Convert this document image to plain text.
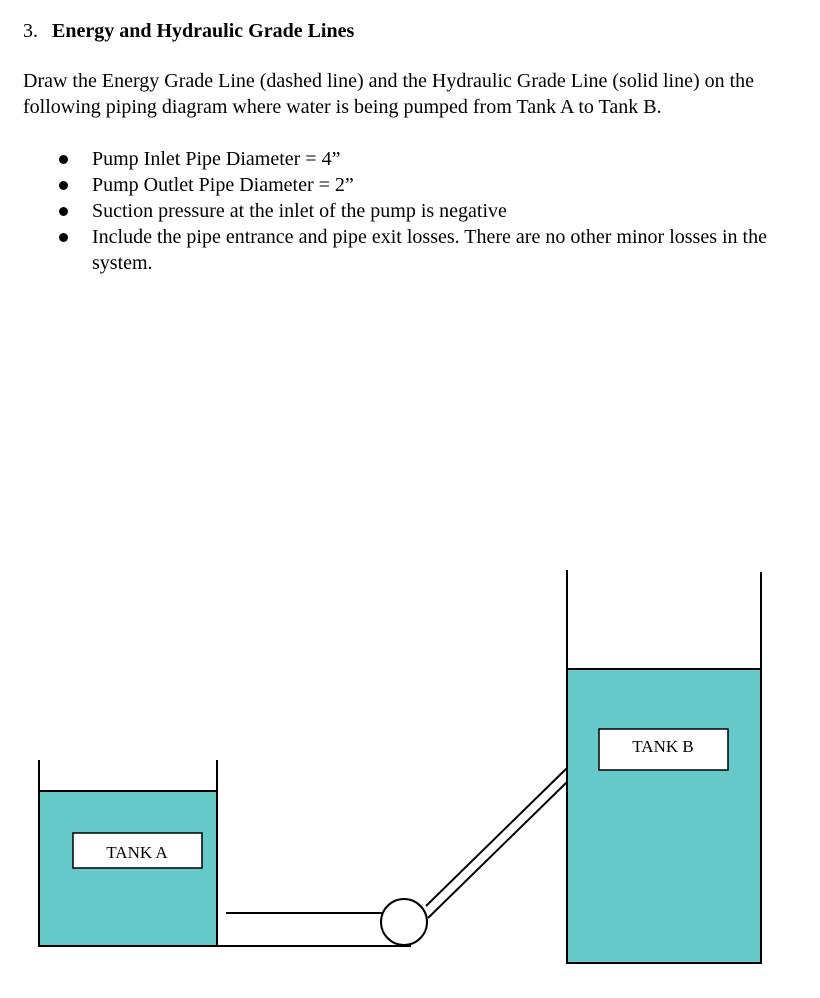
3. Energy and Hydraulic Grade Lines
Draw the Energy Grade Line (dashed line) and the Hydraulic Grade Line (solid line) on the following piping diagram where water is being pumped from Tank A to Tank B.
Pump Inlet Pipe Diameter = 4”
Pump Outlet Pipe Diameter = 2”
Suction pressure at the inlet of the pump is negative
Include the pipe entrance and pipe exit losses. There are no other minor losses in the system.
TANK A
TANK B
